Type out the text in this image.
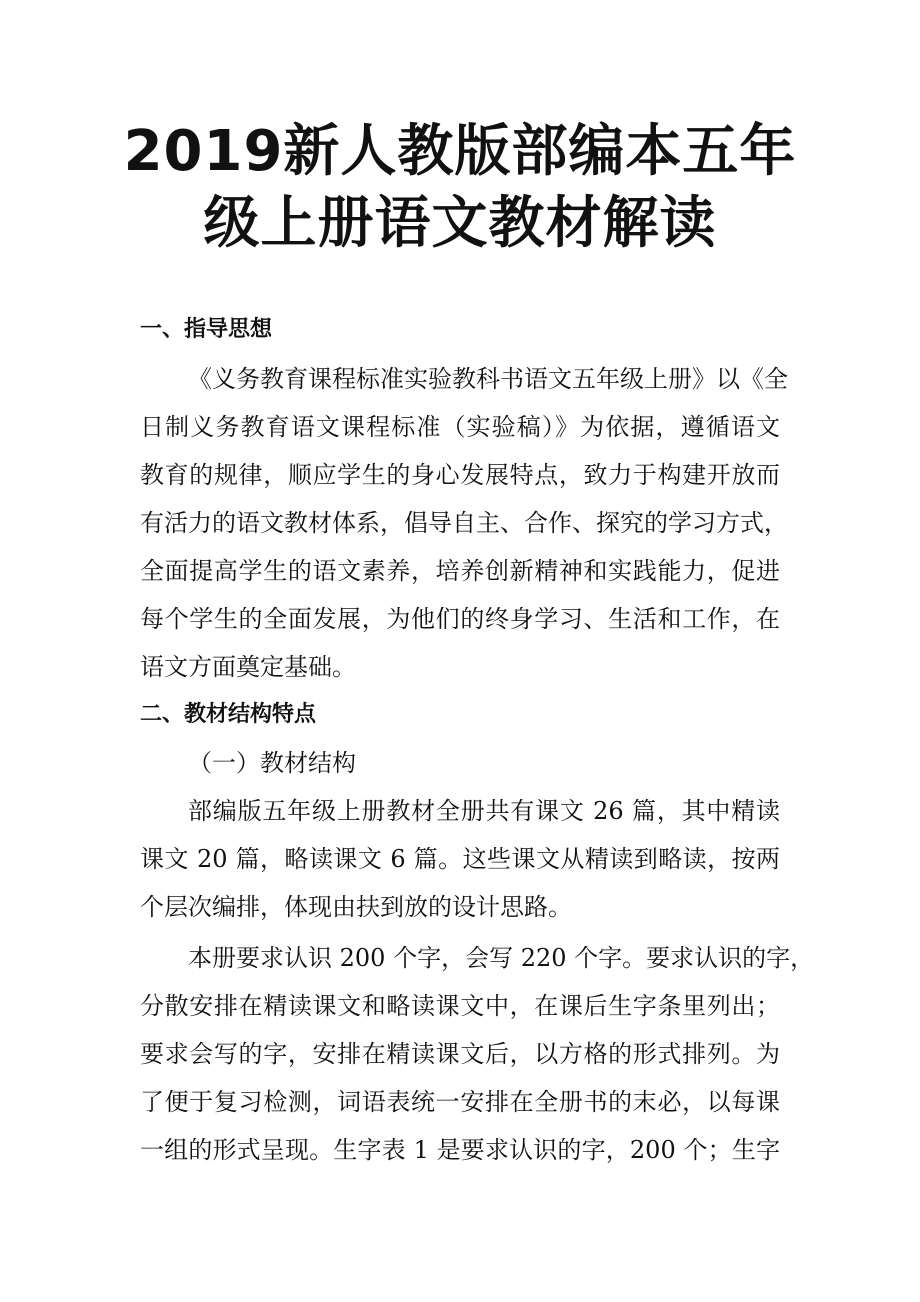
2019新人教版部编本五年
级上册语文教材解读
一、指导思想

《义务教育课程标准实验教科书语文五年级上册》以《全

日制义务教育语文课程标准（实验稿）》为依据，遵循语文

教育的规律，顺应学生的身心发展特点，致力于构建开放而

有活力的语文教材体系，倡导自主、合作、探究的学习方式，

全面提高学生的语文素养，培养创新精神和实践能力，促进

每个学生的全面发展，为他们的终身学习、生活和工作，在

语文方面奠定基础。

二、教材结构特点

（一）教材结构

部编版五年级上册教材全册共有课文 26 篇，其中精读

课文 20 篇，略读课文 6 篇。这些课文从精读到略读，按两

个层次编排，体现由扶到放的设计思路。

本册要求认识 200 个字，会写 220 个字。要求认识的字，

分散安排在精读课文和略读课文中，在课后生字条里列出；

要求会写的字，安排在精读课文后，以方格的形式排列。为

了便于复习检测，词语表统一安排在全册书的末必，以每课

一组的形式呈现。生字表 1 是要求认识的字，200 个；生字
